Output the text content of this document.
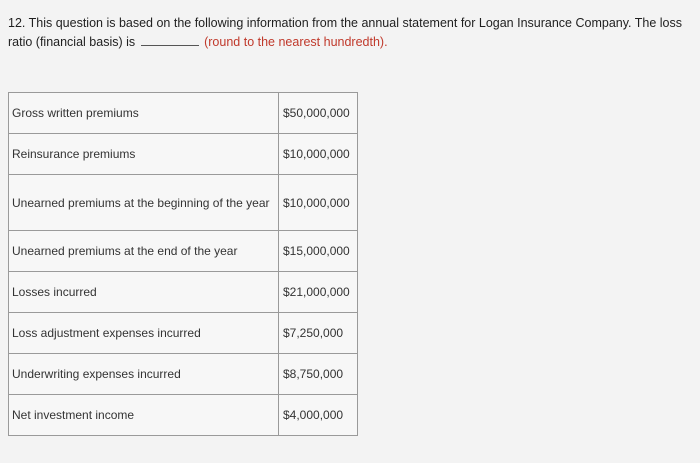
12. This question is based on the following information from the annual statement for Logan Insurance Company. The loss ratio (financial basis) is	(round to the nearest hundredth).
Gross written premiums	$50,000,000
Reinsurance premiums	$10,000,000
Unearned premiums at the beginning of the year	$10,000,000
Unearned premiums at the end of the year	$15,000,000
Losses incurred	$21,000,000
Loss adjustment expenses incurred	$7,250,000
Underwriting expenses incurred	$8,750,000
Net investment income	$4,000,000
